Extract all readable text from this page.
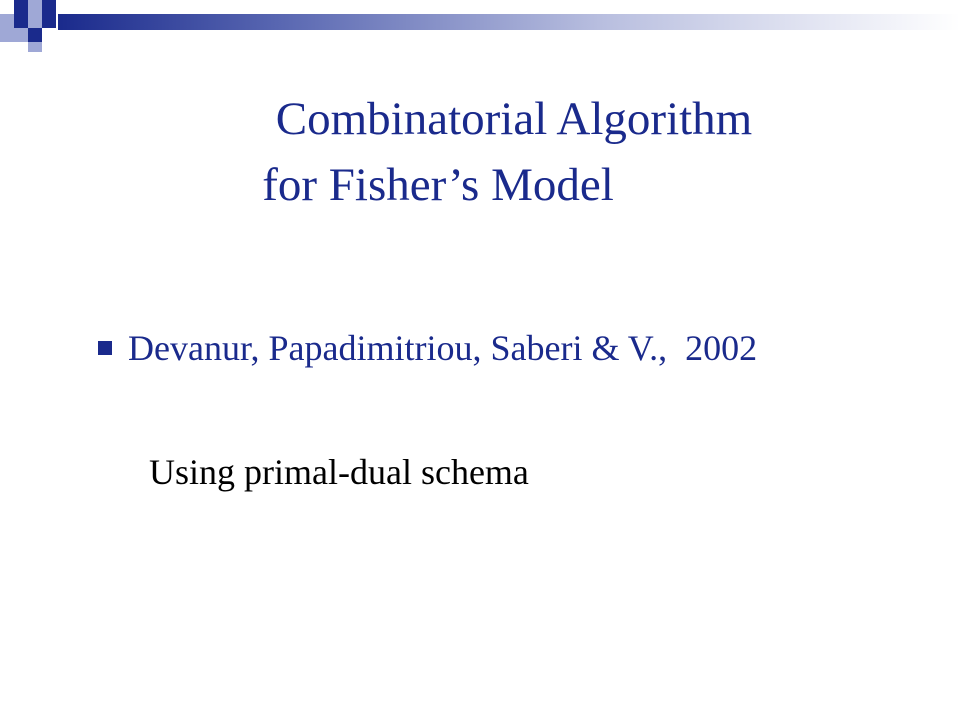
Combinatorial Algorithm
for Fisher’s Model
Devanur, Papadimitriou, Saberi & V.,  2002
Using primal-dual schema
